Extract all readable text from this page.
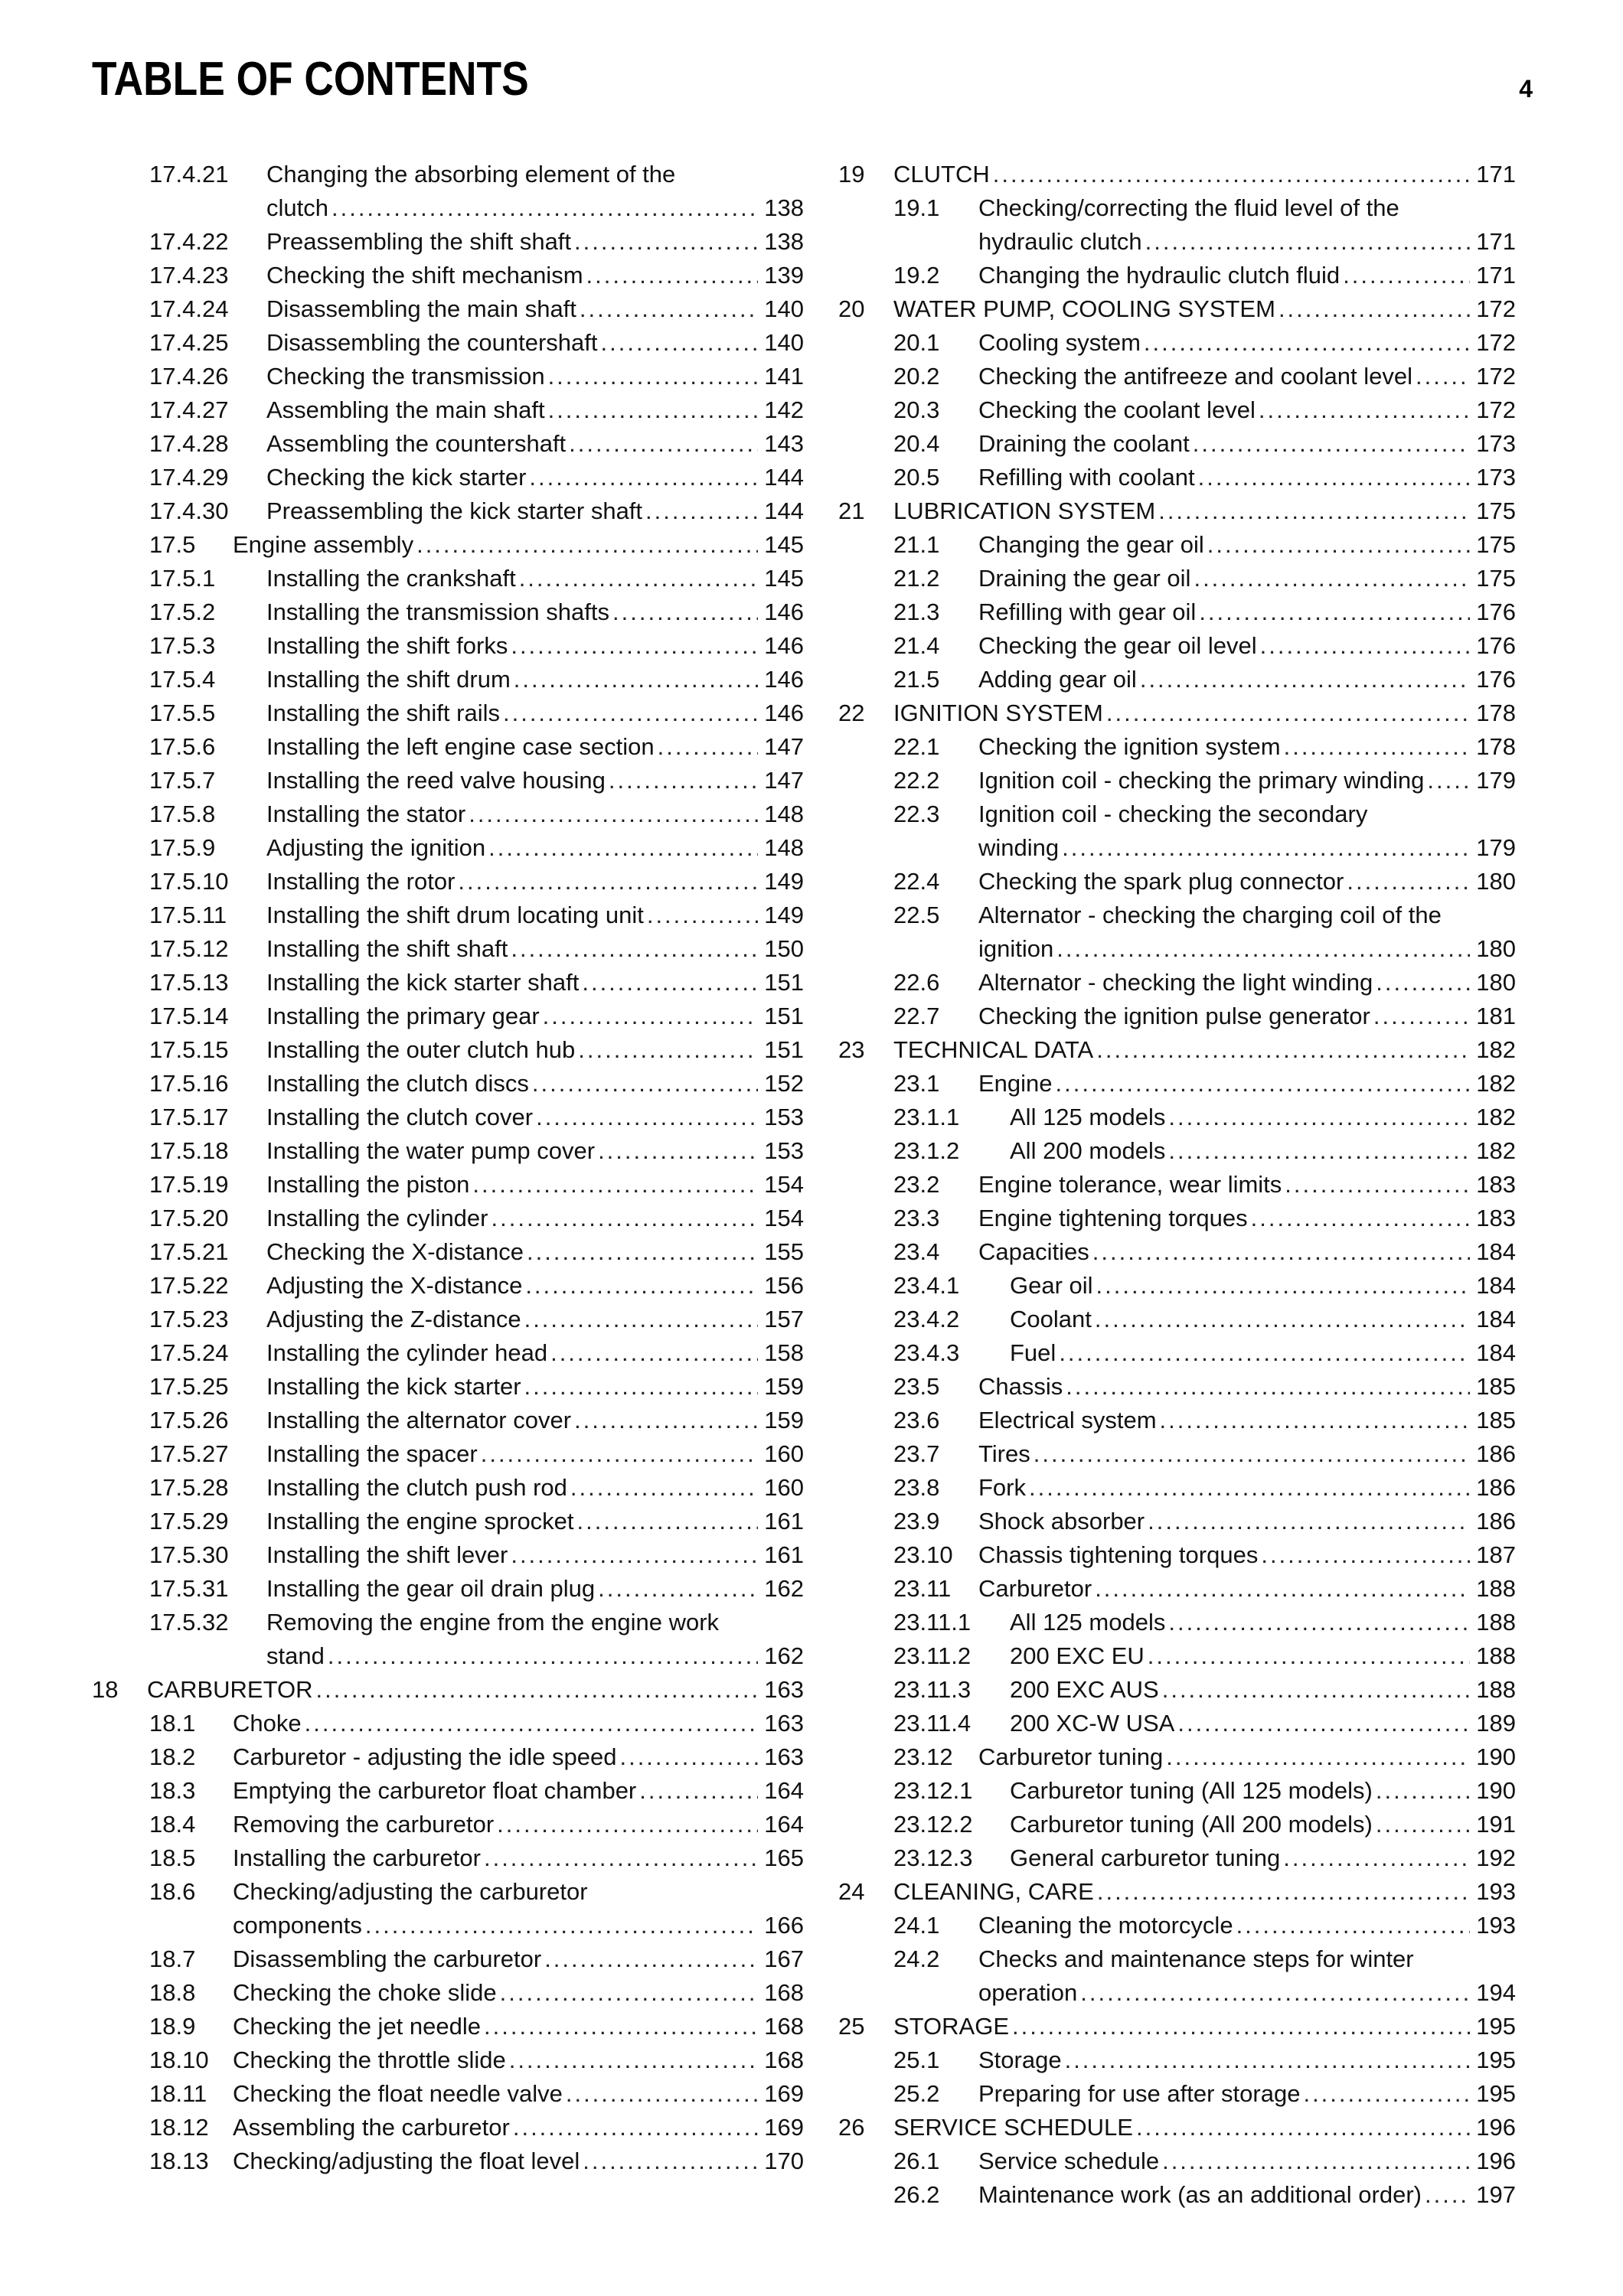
TABLE OF CONTENTS	4
17.4.21 Changing the absorbing element of the
clutch .....	138
17.4.22 Preassembling the shift shaft .....	138
17.4.23 Checking the shift mechanism .....	139
17.4.24 Disassembling the main shaft .....	140
17.4.25 Disassembling the countershaft .....	140
17.4.26 Checking the transmission .....	141
17.4.27 Assembling the main shaft .....	142
17.4.28 Assembling the countershaft .....	143
17.4.29 Checking the kick starter .....	144
17.4.30 Preassembling the kick starter shaft .....	144
17.5 Engine assembly .....	145
17.5.1 Installing the crankshaft .....	145
17.5.2 Installing the transmission shafts .....	146
17.5.3 Installing the shift forks .....	146
17.5.4 Installing the shift drum .....	146
17.5.5 Installing the shift rails .....	146
17.5.6 Installing the left engine case section .....	147
17.5.7 Installing the reed valve housing .....	147
17.5.8 Installing the stator .....	148
17.5.9 Adjusting the ignition .....	148
17.5.10 Installing the rotor .....	149
17.5.11 Installing the shift drum locating unit .....	149
17.5.12 Installing the shift shaft .....	150
17.5.13 Installing the kick starter shaft .....	151
17.5.14 Installing the primary gear .....	151
17.5.15 Installing the outer clutch hub .....	151
17.5.16 Installing the clutch discs .....	152
17.5.17 Installing the clutch cover .....	153
17.5.18 Installing the water pump cover .....	153
17.5.19 Installing the piston .....	154
17.5.20 Installing the cylinder .....	154
17.5.21 Checking the X-distance .....	155
17.5.22 Adjusting the X-distance .....	156
17.5.23 Adjusting the Z-distance .....	157
17.5.24 Installing the cylinder head .....	158
17.5.25 Installing the kick starter .....	159
17.5.26 Installing the alternator cover .....	159
17.5.27 Installing the spacer .....	160
17.5.28 Installing the clutch push rod .....	160
17.5.29 Installing the engine sprocket .....	161
17.5.30 Installing the shift lever .....	161
17.5.31 Installing the gear oil drain plug .....	162
17.5.32 Removing the engine from the engine work
stand .....	162
18 CARBURETOR .....	163
18.1 Choke .....	163
18.2 Carburetor - adjusting the idle speed .....	163
18.3 Emptying the carburetor float chamber .....	164
18.4 Removing the carburetor .....	164
18.5 Installing the carburetor .....	165
18.6 Checking/adjusting the carburetor
components .....	166
18.7 Disassembling the carburetor .....	167
18.8 Checking the choke slide .....	168
18.9 Checking the jet needle .....	168
18.10 Checking the throttle slide .....	168
18.11 Checking the float needle valve .....	169
18.12 Assembling the carburetor .....	169
18.13 Checking/adjusting the float level .....	170
19 CLUTCH .....	171
19.1 Checking/correcting the fluid level of the
hydraulic clutch .....	171
19.2 Changing the hydraulic clutch fluid .....	171
20 WATER PUMP, COOLING SYSTEM .....	172
20.1 Cooling system .....	172
20.2 Checking the antifreeze and coolant level .....	172
20.3 Checking the coolant level .....	172
20.4 Draining the coolant .....	173
20.5 Refilling with coolant .....	173
21 LUBRICATION SYSTEM .....	175
21.1 Changing the gear oil .....	175
21.2 Draining the gear oil .....	175
21.3 Refilling with gear oil .....	176
21.4 Checking the gear oil level .....	176
21.5 Adding gear oil .....	176
22 IGNITION SYSTEM .....	178
22.1 Checking the ignition system .....	178
22.2 Ignition coil - checking the primary winding ..... 179
22.3 Ignition coil - checking the secondary
winding .....	179
22.4 Checking the spark plug connector .....	180
22.5 Alternator - checking the charging coil of the
ignition .....	180
22.6 Alternator - checking the light winding .....	180
22.7 Checking the ignition pulse generator .....	181
23 TECHNICAL DATA .....	182
23.1 Engine .....	182
23.1.1 All 125 models .....	182
23.1.2 All 200 models .....	182
23.2 Engine tolerance, wear limits .....	183
23.3 Engine tightening torques .....	183
23.4 Capacities .....	184
23.4.1 Gear oil .....	184
23.4.2 Coolant .....	184
23.4.3 Fuel .....	184
23.5 Chassis .....	185
23.6 Electrical system .....	185
23.7 Tires .....	186
23.8 Fork .....	186
23.9 Shock absorber .....	186
23.10 Chassis tightening torques .....	187
23.11 Carburetor .....	188
23.11.1 All 125 models .....	188
23.11.2 200 EXC EU .....	188
23.11.3 200 EXC AUS .....	188
23.11.4 200 XC-W USA .....	189
23.12 Carburetor tuning .....	190
23.12.1 Carburetor tuning (All 125 models) .....	190
23.12.2 Carburetor tuning (All 200 models) .....	191
23.12.3 General carburetor tuning .....	192
24 CLEANING, CARE .....	193
24.1 Cleaning the motorcycle .....	193
24.2 Checks and maintenance steps for winter
operation .....	194
25 STORAGE .....	195
25.1 Storage .....	195
25.2 Preparing for use after storage .....	195
26 SERVICE SCHEDULE .....	196
26.1 Service schedule .....	196
26.2 Maintenance work (as an additional order) ..... 197
